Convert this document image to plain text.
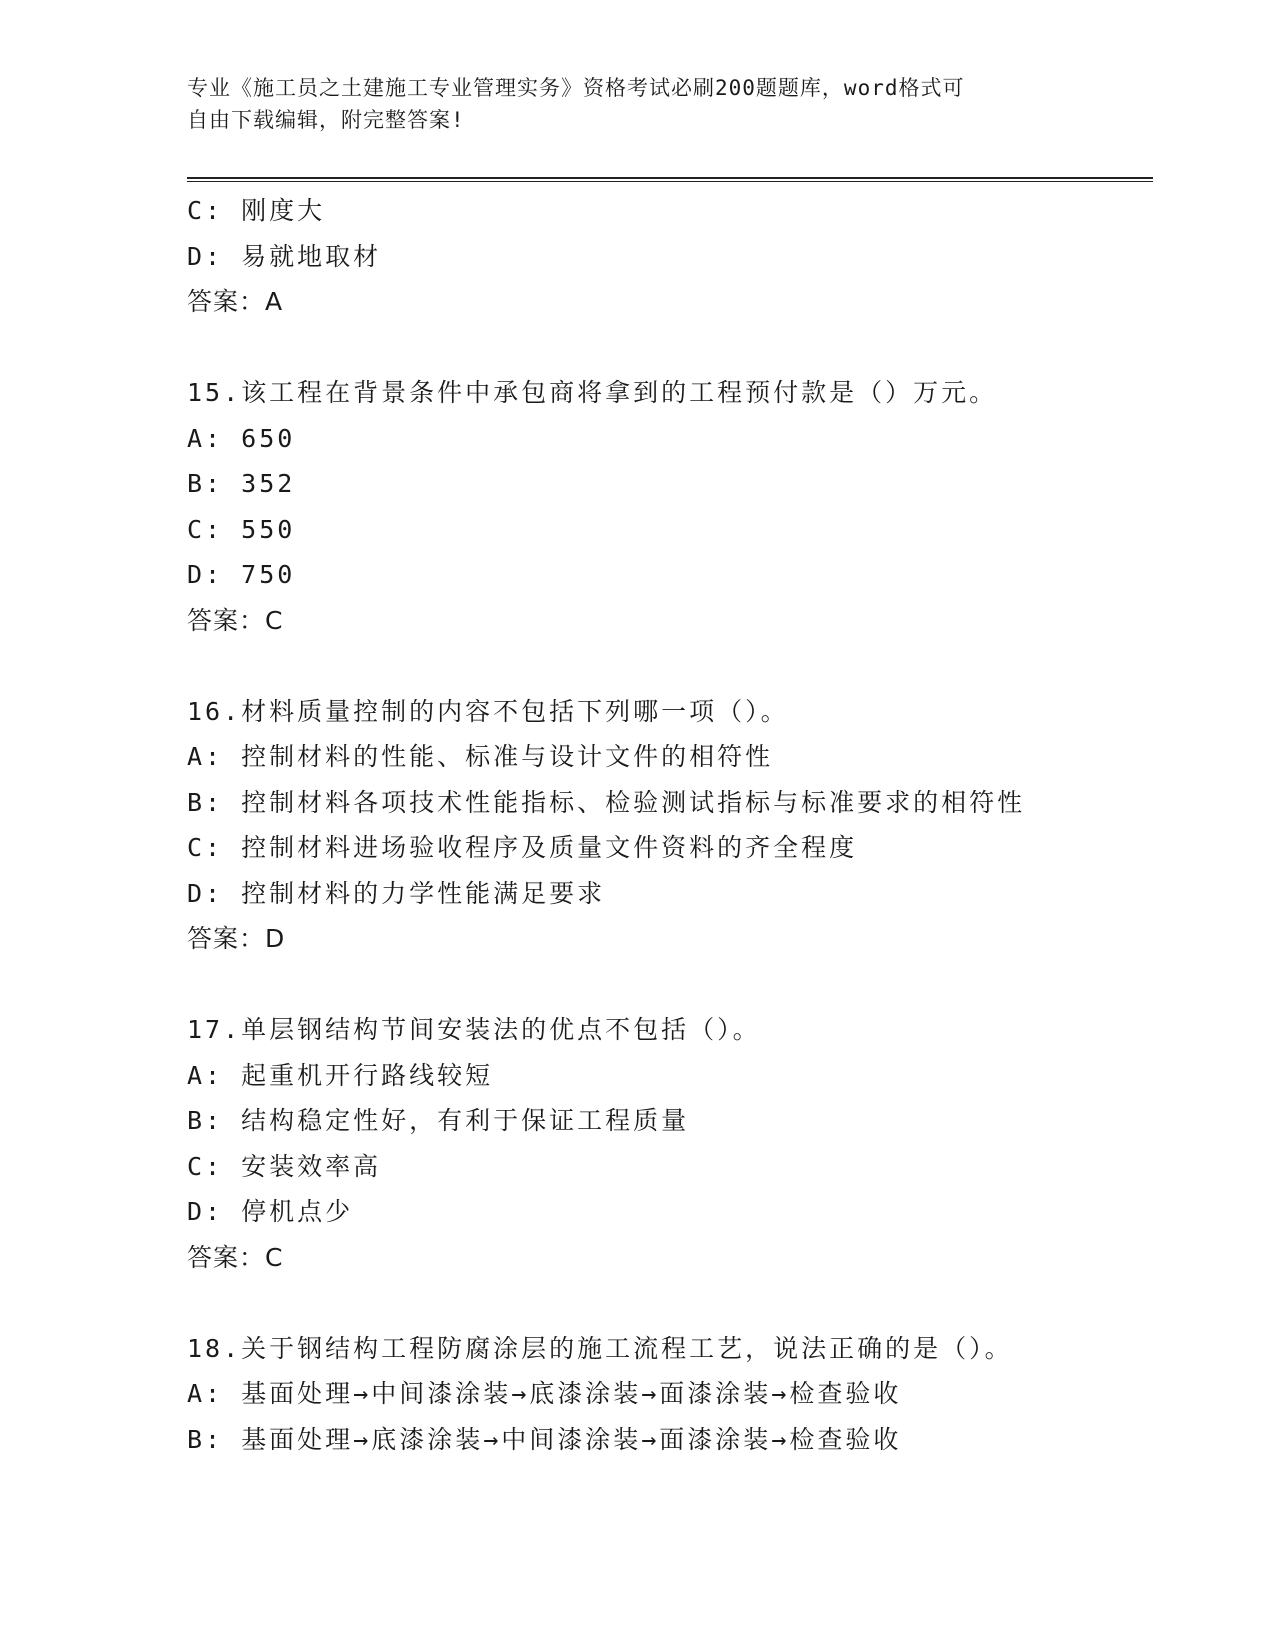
专业《施工员之土建施工专业管理实务》资格考试必刷200题题库，word格式可
自由下载编辑，附完整答案!
C: 刚度大
D: 易就地取材
答案：A
15.该工程在背景条件中承包商将拿到的工程预付款是（）万元。
A: 650
B: 352
C: 550
D: 750
答案：C
16.材料质量控制的内容不包括下列哪一项（）。
A: 控制材料的性能、标准与设计文件的相符性
B: 控制材料各项技术性能指标、检验测试指标与标准要求的相符性
C: 控制材料进场验收程序及质量文件资料的齐全程度
D: 控制材料的力学性能满足要求
答案：D
17.单层钢结构节间安装法的优点不包括（）。
A: 起重机开行路线较短
B: 结构稳定性好，有利于保证工程质量
C: 安装效率高
D: 停机点少
答案：C
18.关于钢结构工程防腐涂层的施工流程工艺，说法正确的是（）。
A: 基面处理→中间漆涂装→底漆涂装→面漆涂装→检查验收
B: 基面处理→底漆涂装→中间漆涂装→面漆涂装→检查验收
